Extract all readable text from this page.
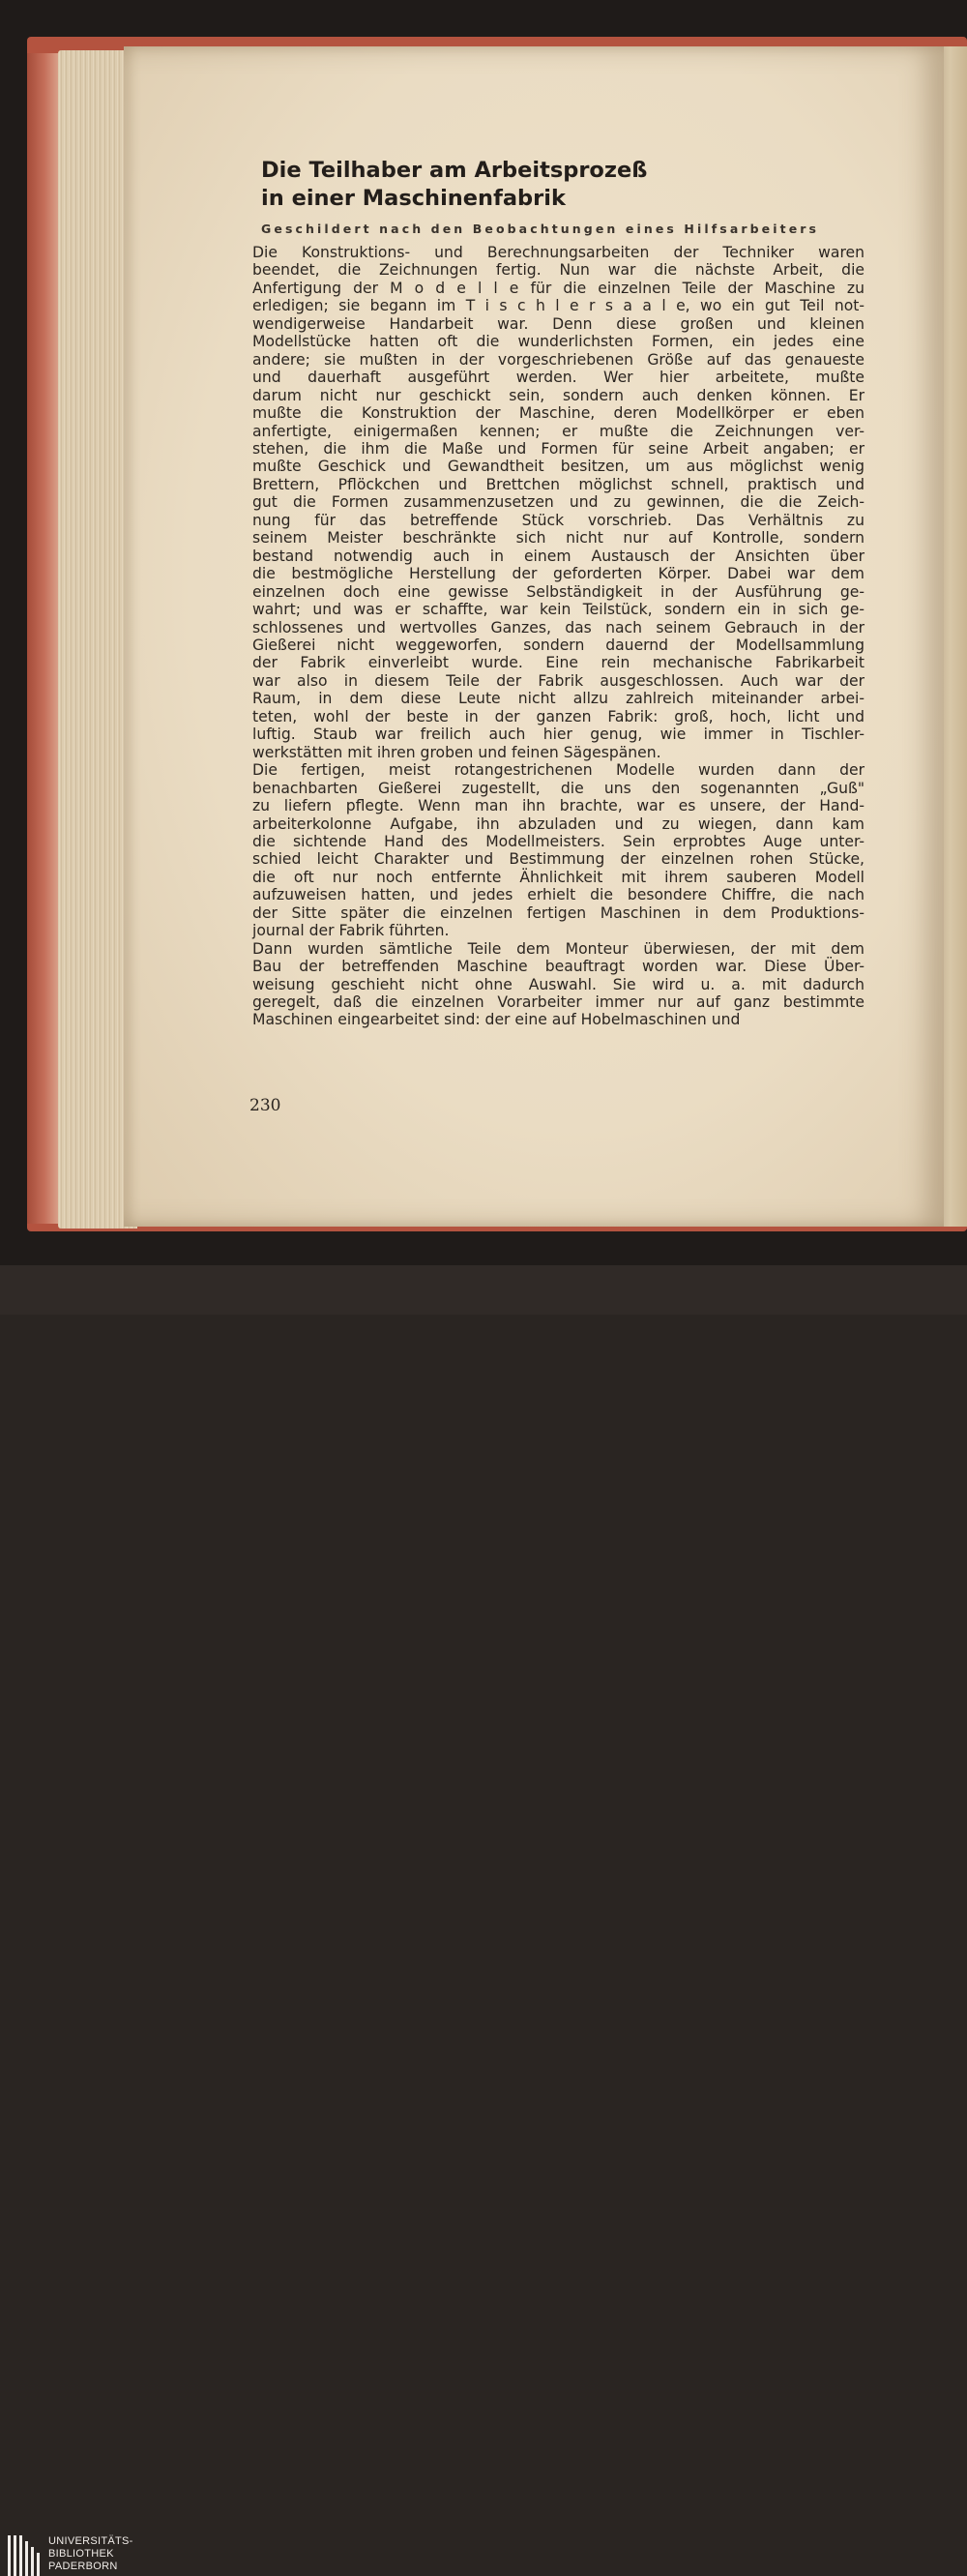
Die Teilhaber am Arbeitsprozeß
in einer Maschinenfabrik
Geschildert nach den Beobachtungen eines Hilfsarbeiters
Die Konstruktions- und Berechnungsarbeiten der Techniker waren
beendet, die Zeichnungen fertig. Nun war die nächste Arbeit, die
Anfertigung der M o d e l l e für die einzelnen Teile der Maschine zu
erledigen; sie begann im T i s c h l e r s a a l e, wo ein gut Teil not-
wendigerweise Handarbeit war. Denn diese großen und kleinen
Modellstücke hatten oft die wunderlichsten Formen, ein jedes eine
andere; sie mußten in der vorgeschriebenen Größe auf das genaueste
und dauerhaft ausgeführt werden. Wer hier arbeitete, mußte
darum nicht nur geschickt sein, sondern auch denken können. Er
mußte die Konstruktion der Maschine, deren Modellkörper er eben
anfertigte, einigermaßen kennen; er mußte die Zeichnungen ver-
stehen, die ihm die Maße und Formen für seine Arbeit angaben; er
mußte Geschick und Gewandtheit besitzen, um aus möglichst wenig
Brettern, Pflöckchen und Brettchen möglichst schnell, praktisch und
gut die Formen zusammenzusetzen und zu gewinnen, die die Zeich-
nung für das betreffende Stück vorschrieb. Das Verhältnis zu
seinem Meister beschränkte sich nicht nur auf Kontrolle, sondern
bestand notwendig auch in einem Austausch der Ansichten über
die bestmögliche Herstellung der geforderten Körper. Dabei war dem
einzelnen doch eine gewisse Selbständigkeit in der Ausführung ge-
wahrt; und was er schaffte, war kein Teilstück, sondern ein in sich ge-
schlossenes und wertvolles Ganzes, das nach seinem Gebrauch in der
Gießerei nicht weggeworfen, sondern dauernd der Modellsammlung
der Fabrik einverleibt wurde. Eine rein mechanische Fabrikarbeit
war also in diesem Teile der Fabrik ausgeschlossen. Auch war der
Raum, in dem diese Leute nicht allzu zahlreich miteinander arbei-
teten, wohl der beste in der ganzen Fabrik: groß, hoch, licht und
luftig. Staub war freilich auch hier genug, wie immer in Tischler-
werkstätten mit ihren groben und feinen Sägespänen.
Die fertigen, meist rotangestrichenen Modelle wurden dann der
benachbarten Gießerei zugestellt, die uns den sogenannten „Guß"
zu liefern pflegte. Wenn man ihn brachte, war es unsere, der Hand-
arbeiterkolonne Aufgabe, ihn abzuladen und zu wiegen, dann kam
die sichtende Hand des Modellmeisters. Sein erprobtes Auge unter-
schied leicht Charakter und Bestimmung der einzelnen rohen Stücke,
die oft nur noch entfernte Ähnlichkeit mit ihrem sauberen Modell
aufzuweisen hatten, und jedes erhielt die besondere Chiffre, die nach
der Sitte später die einzelnen fertigen Maschinen in dem Produktions-
journal der Fabrik führten.
Dann wurden sämtliche Teile dem Monteur überwiesen, der mit dem
Bau der betreffenden Maschine beauftragt worden war. Diese Über-
weisung geschieht nicht ohne Auswahl. Sie wird u. a. mit dadurch
geregelt, daß die einzelnen Vorarbeiter immer nur auf ganz bestimmte
Maschinen eingearbeitet sind: der eine auf Hobelmaschinen und
230
UNIVERSITÄTS-
BIBLIOTHEK
PADERBORN
